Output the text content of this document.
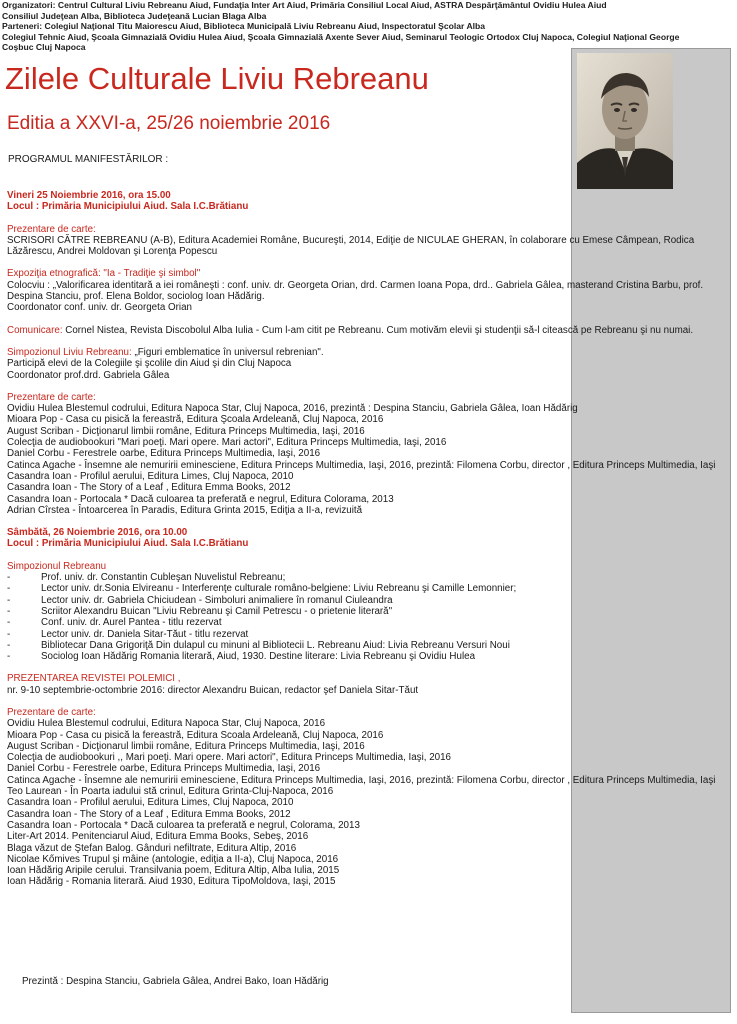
Organizatori: Centrul Cultural Liviu Rebreanu Aiud, Fundaţia Inter Art Aiud, Primăria Consiliul Local Aiud, ASTRA Despărţământul Ovidiu Hulea Aiud
Consiliul Judeţean Alba, Biblioteca Judeţeană Lucian Blaga Alba
Parteneri: Colegiul Naţional Titu Maiorescu Aiud, Biblioteca Municipală Liviu Rebreanu Aiud, Inspectoratul Şcolar Alba
Colegiul Tehnic Aiud, Şcoala Gimnazială Ovidiu Hulea Aiud, Şcoala Gimnazială Axente Sever Aiud, Seminarul Teologic Ortodox Cluj Napoca, Colegiul Naţional George
Coşbuc Cluj Napoca
Zilele Culturale Liviu Rebreanu
Editia a XXVI-a, 25/26 noiembrie 2016
PROGRAMUL MANIFESTĂRILOR :
Vineri 25 Noiembrie 2016, ora 15.00
Locul : Primăria Municipiului Aiud. Sala I.C.Brătianu
Prezentare de carte:
SCRISORI CĂTRE REBREANU (A-B), Editura Academiei Române, Bucureşti, 2014, Ediţie de NICULAE GHERAN, în colaborare cu Emese Câmpean, Rodica Lăzărescu, Andrei Moldovan şi Lorenţa Popescu
Expoziţia etnografică: "Ia - Tradiţie şi simbol"
Colocviu : „Valorificarea identitară a iei româneşti : conf. univ. dr. Georgeta Orian, drd. Carmen Ioana Popa, drd.. Gabriela Gâlea, masterand Cristina Barbu, prof. Despina Stanciu, prof. Elena Boldor, sociolog Ioan Hădărig.
Coordonator conf. univ. dr. Georgeta Orian
Comunicare: Cornel Nistea, Revista Discobolul Alba Iulia - Cum l-am citit pe Rebreanu. Cum motivăm elevii şi studenţii să-l citească pe Rebreanu şi nu numai.
Simpozionul Liviu Rebreanu: „Figuri emblematice în universul rebrenian".
Participă elevi de la Colegiile şi şcolile din Aiud şi din Cluj Napoca
Coordonator prof.drd. Gabriela Gâlea
Prezentare de carte:
Ovidiu Hulea Blestemul codrului, Editura Napoca Star, Cluj Napoca, 2016, prezintă : Despina Stanciu, Gabriela Gâlea, Ioan Hădărig
Mioara Pop - Casa cu pisică la fereastră, Editura Şcoala Ardeleană, Cluj Napoca, 2016
August Scriban - Dicţionarul limbii române, Editura Princeps Multimedia, Iaşi, 2016
Colecţia de audiobookuri "Mari poeţi. Mari opere. Mari actori", Editura Princeps Multimedia, Iaşi, 2016
Daniel Corbu - Ferestrele oarbe, Editura Princeps Multimedia, Iaşi, 2016
Catinca Agache - Însemne ale nemuririi eminesciene, Editura Princeps Multimedia, Iaşi, 2016, prezintă: Filomena Corbu, director , Editura Princeps Multimedia, Iaşi
Casandra Ioan - Profilul aerului, Editura Limes, Cluj Napoca, 2010
Casandra Ioan - The Story of a Leaf , Editura Emma Books, 2012
Casandra Ioan - Portocala * Dacă culoarea ta preferată e negrul, Editura Colorama, 2013
Adrian Cîrstea - Întoarcerea în Paradis, Editura Grinta 2015, Ediţia a II-a, revizuită
Sâmbătă, 26 Noiembrie 2016, ora 10.00
Locul : Primăria Municipiului Aiud. Sala I.C.Brătianu
Simpozionul Rebreanu
-	Prof. univ. dr. Constantin Cubleşan Nuvelistul Rebreanu;
-	Lector univ. dr.Sonia Elvireanu - Interferenţe culturale româno-belgiene: Liviu Rebreanu şi Camille Lemonnier;
-	Lector univ. dr. Gabriela Chiciudean - Simboluri animaliere în romanul Ciuleandra
-	Scriitor Alexandru Buican "Liviu Rebreanu şi Camil Petrescu - o prietenie literară"
-	Conf. univ. dr. Aurel Pantea - titlu rezervat
-	Lector univ. dr. Daniela Sitar-Tăut - titlu rezervat
-	Bibliotecar Dana Grigoriţă Din dulapul cu minuni al Bibliotecii L. Rebreanu Aiud: Livia Rebreanu Versuri Noui
-	Sociolog Ioan Hădărig Romania literară, Aiud, 1930. Destine literare: Livia Rebreanu şi Ovidiu Hulea
PREZENTAREA REVISTEI POLEMICI ,
nr. 9-10 septembrie-octombrie 2016: director Alexandru Buican, redactor şef Daniela Sitar-Tăut
Prezentare de carte:
Ovidiu Hulea Blestemul codrului, Editura Napoca Star, Cluj Napoca, 2016
Mioara Pop - Casa cu pisică la fereastră, Editura Scoala Ardeleană, Cluj Napoca, 2016
August Scriban - Dicţionarul limbii române, Editura Princeps Multimedia, Iaşi, 2016
Colecţia de audiobookuri ,, Mari poeţi. Mari opere. Mari actori", Editura Princeps Multimedia, Iaşi, 2016
Daniel Corbu - Ferestrele oarbe, Editura Princeps Multimedia, Iaşi, 2016
Catinca Agache - Însemne ale nemuririi eminesciene, Editura Princeps Multimedia, Iaşi, 2016, prezintă: Filomena Corbu, director , Editura Princeps Multimedia, Iaşi
Teo Laurean - În Poarta iadului stă crinul, Editura Grinta-Cluj-Napoca, 2016
Casandra Ioan - Profilul aerului, Editura Limes, Cluj Napoca, 2010
Casandra Ioan - The Story of a Leaf , Editura Emma Books, 2012
Casandra Ioan - Portocala * Dacă culoarea ta preferată e negrul, Colorama, 2013
Liter-Art 2014. Penitenciarul Aiud, Editura Emma Books, Sebeş, 2016
Blaga văzut de Ştefan Balog. Gânduri nefiltrate, Editura Altip, 2016
Nicolae Kőmives Trupul şi mâine (antologie, ediţia a II-a), Cluj Napoca, 2016
Ioan Hădărig Aripile cerului. Transilvania poem, Editura Altip, Alba Iulia, 2015
Ioan Hădărig - Romania literară. Aiud 1930, Editura TipoMoldova, Iaşi, 2015
Prezintă : Despina Stanciu, Gabriela Gâlea, Andrei Bako, Ioan Hădărig
